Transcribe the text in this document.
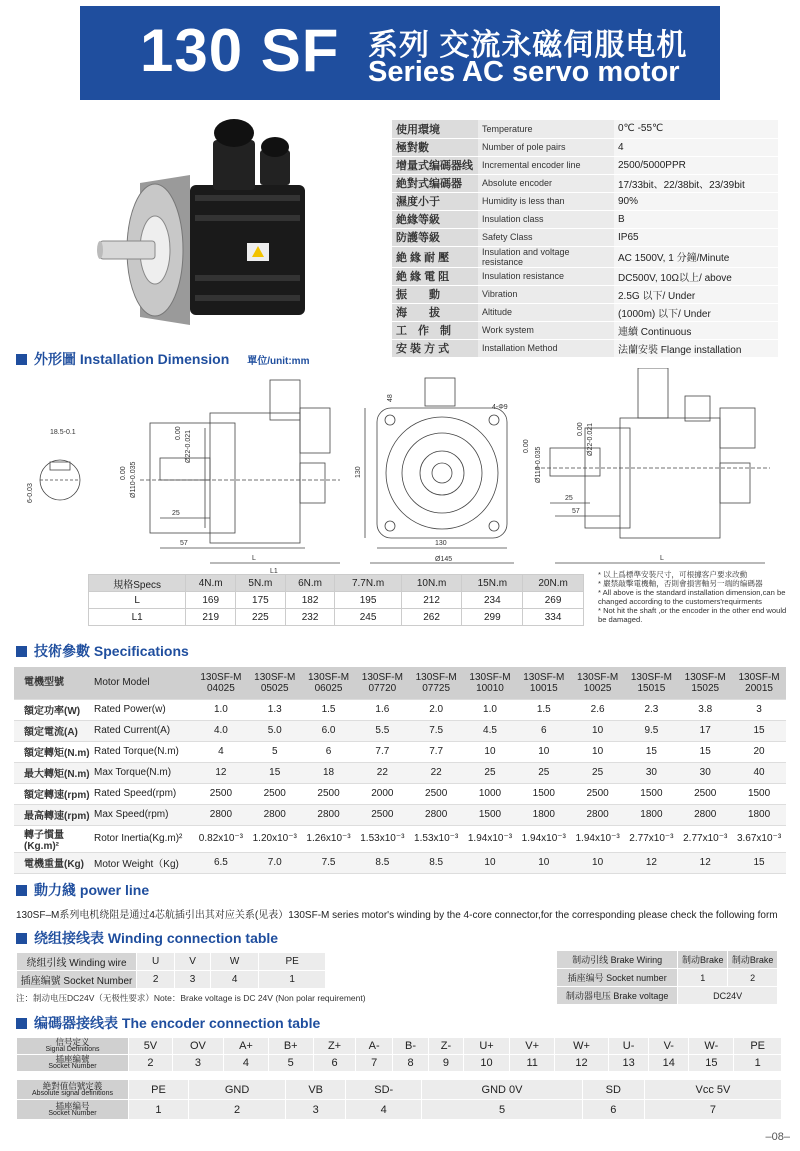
130 SF 系列 交流永磁伺服电机
Series AC servo motor
使用環境	Temperature	0℃ -55℃
極對數	Number of pole pairs	4
增量式编碼器线	Incremental encoder line	2500/5000PPR
絶對式编碼器	Absolute encoder	17/33bit、22/38bit、23/39bit
濕度小于	Humidity is less than	90%
絶緣等級	Insulation class	B
防護等級	Safety Class	IP65
絶 緣 耐 壓	Insulation and voltage resistance	AC 1500V, 1 分鐘/Minute
絶 緣 電 阻	Insulation resistance	DC500V, 10Ω以上/ above
振　　動	Vibration	2.5G 以下/ Under
海　　拔	Altitude	(1000m) 以下/ Under
工　作　制	Work system	連續 Continuous
安 裝 方 式	Installation Method	法蘭安裝 Flange installation
外形圖 Installation Dimension 單位/unit:mm
18.5-0.1
6-0.03
0.00 Ø110-0.035
0.00 Ø22-0.021
25
57
L
L1
48
4-Φ9
130
130
Ø145
Ø110-0.035
Ø22-0.021
0.00
0.00
25
57
L
規格Specs	4N.m	5N.m	6N.m	7.7N.m	10N.m	15N.m	20N.m
L	169	175	182	195	212	234	269
L1	219	225	232	245	262	299	334
* 以上爲標準安裝尺寸，可根據客户要求改動
* 嚴禁敲擊電機軸，否則會損害軸另一端的编碼器
* All above is the standard installation dimension,can be changed according to the customers'requirments
* Not hit the shaft ,or the encoder in the other end would be damaged.
技術參數 Specifications
電機型號	Motor Model	130SF-M 04025	130SF-M 05025	130SF-M 06025	130SF-M 07720	130SF-M 07725	130SF-M 10010	130SF-M 10015	130SF-M 10025	130SF-M 15015	130SF-M 15025	130SF-M 20015
額定功率(W)	Rated Power(w)	1.0	1.3	1.5	1.6	2.0	1.0	1.5	2.6	2.3	3.8	3
額定電流(A)	Rated Current(A)	4.0	5.0	6.0	5.5	7.5	4.5	6	10	9.5	17	15
額定轉矩(N.m)	Rated Torque(N.m)	4	5	6	7.7	7.7	10	10	10	15	15	20
最大轉矩(N.m)	Max Torque(N.m)	12	15	18	22	22	25	25	25	30	30	40
額定轉速(rpm)	Rated Speed(rpm)	2500	2500	2500	2000	2500	1000	1500	2500	1500	2500	1500
最高轉速(rpm)	Max Speed(rpm)	2800	2800	2800	2500	2800	1500	1800	2800	1800	2800	1800
轉子慣量(Kg.m)²	Rotor Inertia(Kg.m)²	0.82x10⁻³	1.20x10⁻³	1.26x10⁻³	1.53x10⁻³	1.53x10⁻³	1.94x10⁻³	1.94x10⁻³	1.94x10⁻³	2.77x10⁻³	2.77x10⁻³	3.67x10⁻³
電機重量(Kg)	Motor Weight（Kg)	6.5	7.0	7.5	8.5	8.5	10	10	10	12	12	15
動力綫 power line
130SF–M系列电机绕阻是通过4芯航插引出其对应关系(见表）130SF-M series motor's winding by the 4-core connector,for the corresponding please check the following form
绕组接线表 Winding connection table
绕组引线 Winding wire	U	V	W	PE
插座编號 Socket Number	2	3	4	1
注：制动电压DC24V（无极性要求）Note：Brake voltage is DC 24V (Non polar requirement)
制动引线 Brake Wiring	制动Brake	制动Brake
插座编号 Socket number	1	2
制动器电压 Brake voltage	DC24V	
编碼器接线表 The encoder connection table
信号定义
Signal Definitions	5V	OV	A+	B+	Z+	A-	B-	Z-	U+	V+	W+	U-	V-	W-	PE
插座编號
Socket Number	2	3	4	5	6	7	8	9	10	11	12	13	14	15	1
絶對值信號定義
Absolute signal definitions	PE	GND	VB	SD-	GND 0V	SD	Vcc 5V
插座编号
Socket Number	1	2	3	4	5	6	7
–08–
